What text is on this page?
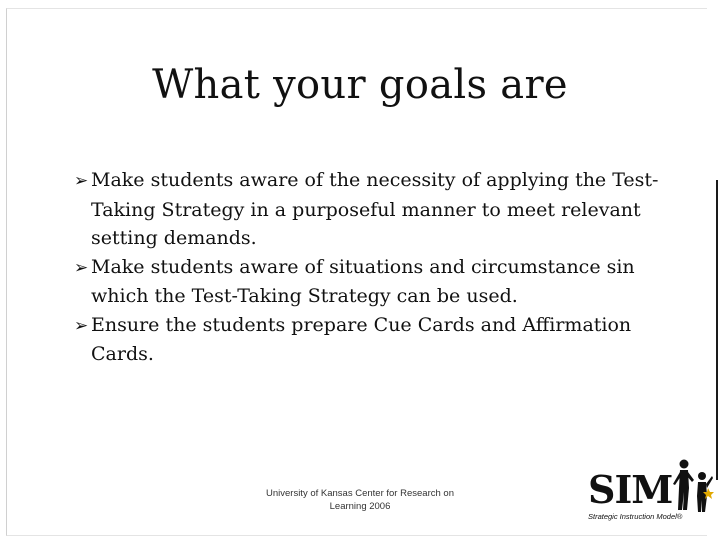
What your goals are
➢ Make students aware of the necessity of applying the Test-Taking Strategy in a purposeful manner to meet relevant setting demands.
➢ Make students aware of situations and circumstance sin which the Test-Taking Strategy can be used.
➢ Ensure the students prepare Cue Cards and Affirmation Cards.
University of Kansas Center for Research on
Learning 2006	SIM
Strategic Instruction Model®
